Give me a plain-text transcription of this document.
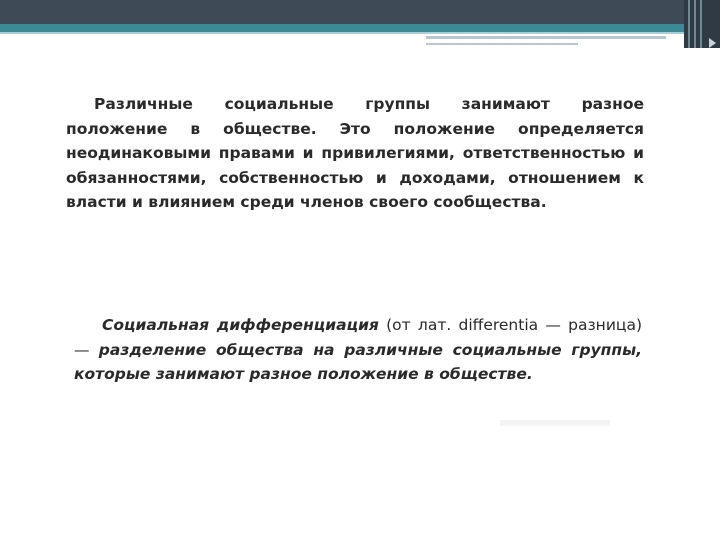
Различные социальные группы занимают разное положение в обществе. Это положение определяется неодинаковыми правами и привилегиями, ответственностью и обязанностями, собственностью и доходами, отношением к власти и влиянием среди членов своего сообщества.
Социальная дифференциация (от лат. differentia — разница) — разделение общества на различные социальные группы, которые занимают разное положение в обществе.
